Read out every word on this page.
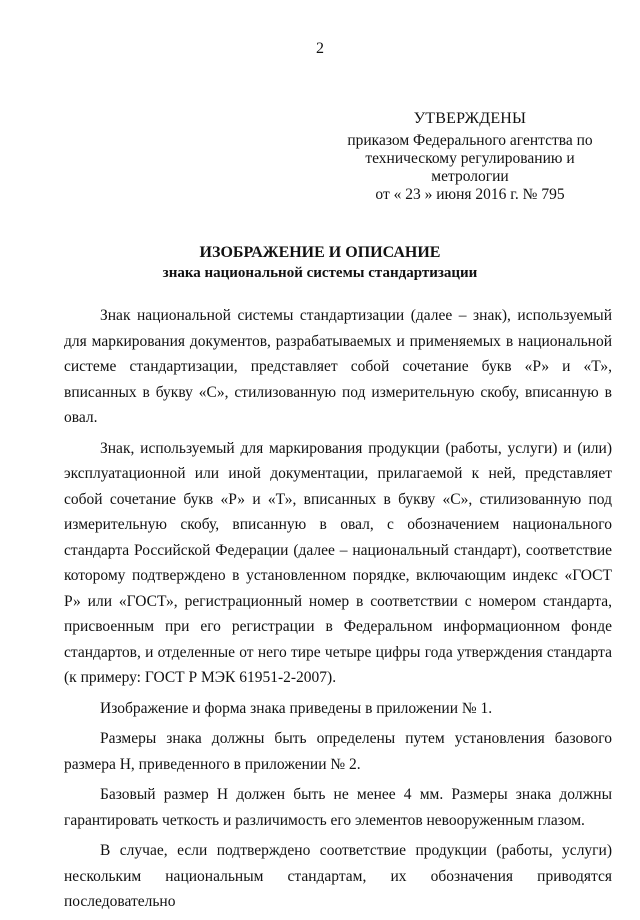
2
УТВЕРЖДЕНЫ
приказом Федерального агентства по
техническому регулированию и
метрологии
от « 23 » июня 2016 г. № 795
ИЗОБРАЖЕНИЕ И ОПИСАНИЕ
знака национальной системы стандартизации

Знак национальной системы стандартизации (далее – знак), используемый для маркирования документов, разрабатываемых и применяемых в национальной системе стандартизации, представляет собой сочетание букв «Р» и «Т», вписанных в букву «С», стилизованную под измерительную скобу, вписанную в овал.

Знак, используемый для маркирования продукции (работы, услуги) и (или) эксплуатационной или иной документации, прилагаемой к ней, представляет собой сочетание букв «Р» и «Т», вписанных в букву «С», стилизованную под измерительную скобу, вписанную в овал, с обозначением национального стандарта Российской Федерации (далее – национальный стандарт), соответствие которому подтверждено в установленном порядке, включающим индекс «ГОСТ Р» или «ГОСТ», регистрационный номер в соответствии с номером стандарта, присвоенным при его регистрации в Федеральном информационном фонде стандартов, и отделенные от него тире четыре цифры года утверждения стандарта (к примеру: ГОСТ Р МЭК 61951-2-2007).

Изображение и форма знака приведены в приложении № 1.

Размеры знака должны быть определены путем установления базового размера Н, приведенного в приложении № 2.

Базовый размер Н должен быть не менее 4 мм. Размеры знака должны гарантировать четкость и различимость его элементов невооруженным глазом.

В случае, если подтверждено соответствие продукции (работы, услуги) нескольким национальным стандартам, их обозначения приводятся последовательно
